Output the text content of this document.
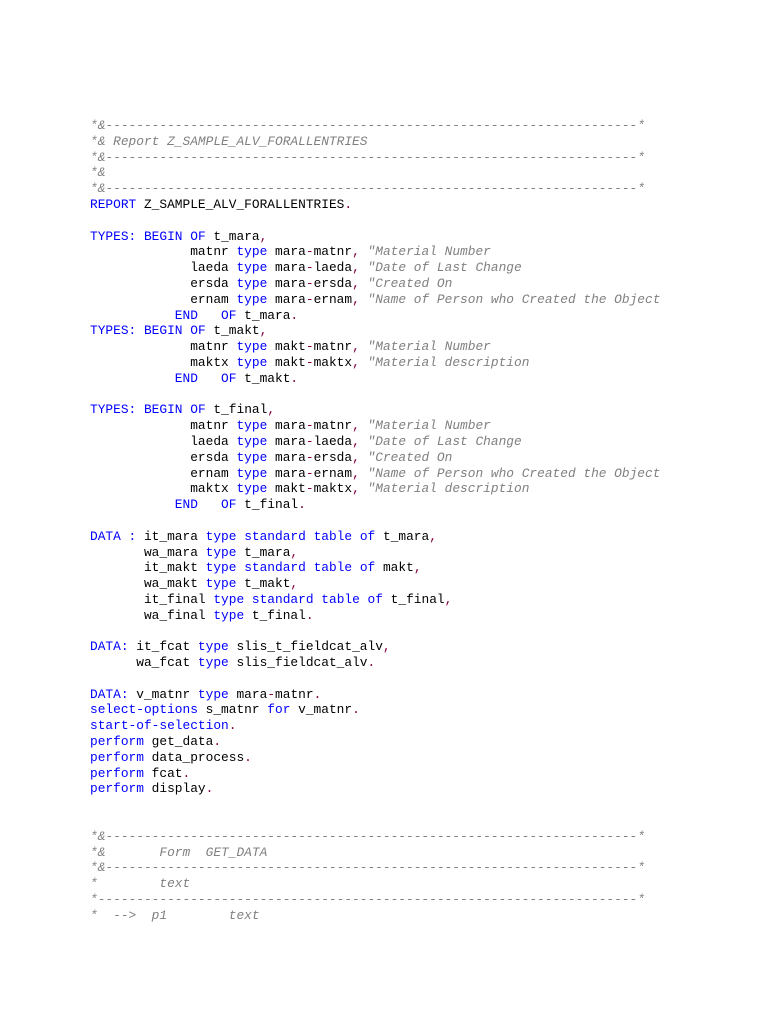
*&---------------------------------------------------------------------*
*& Report Z_SAMPLE_ALV_FORALLENTRIES
*&---------------------------------------------------------------------*
*&
*&---------------------------------------------------------------------*
REPORT Z_SAMPLE_ALV_FORALLENTRIES.

TYPES: BEGIN OF t_mara,
matnr type mara-matnr, "Material Number
laeda type mara-laeda, "Date of Last Change
ersda type mara-ersda, "Created On
ernam type mara-ernam, "Name of Person who Created the Object
END OF t_mara.
TYPES: BEGIN OF t_makt,
matnr type makt-matnr, "Material Number
maktx type makt-maktx, "Material description
END OF t_makt.

TYPES: BEGIN OF t_final,
matnr type mara-matnr, "Material Number
laeda type mara-laeda, "Date of Last Change
ersda type mara-ersda, "Created On
ernam type mara-ernam, "Name of Person who Created the Object
maktx type makt-maktx, "Material description
END OF t_final.

DATA : it_mara type standard table of t_mara,
wa_mara type t_mara,
it_makt type standard table of makt,
wa_makt type t_makt,
it_final type standard table of t_final,
wa_final type t_final.

DATA: it_fcat type slis_t_fieldcat_alv,
wa_fcat type slis_fieldcat_alv.

DATA: v_matnr type mara-matnr.
select-options s_matnr for v_matnr.
start-of-selection.
perform get_data.
perform data_process.
perform fcat.
perform display.

*&---------------------------------------------------------------------*
*&       Form  GET_DATA
*&---------------------------------------------------------------------*
*        text
*----------------------------------------------------------------------*
*  -->  p1        text
